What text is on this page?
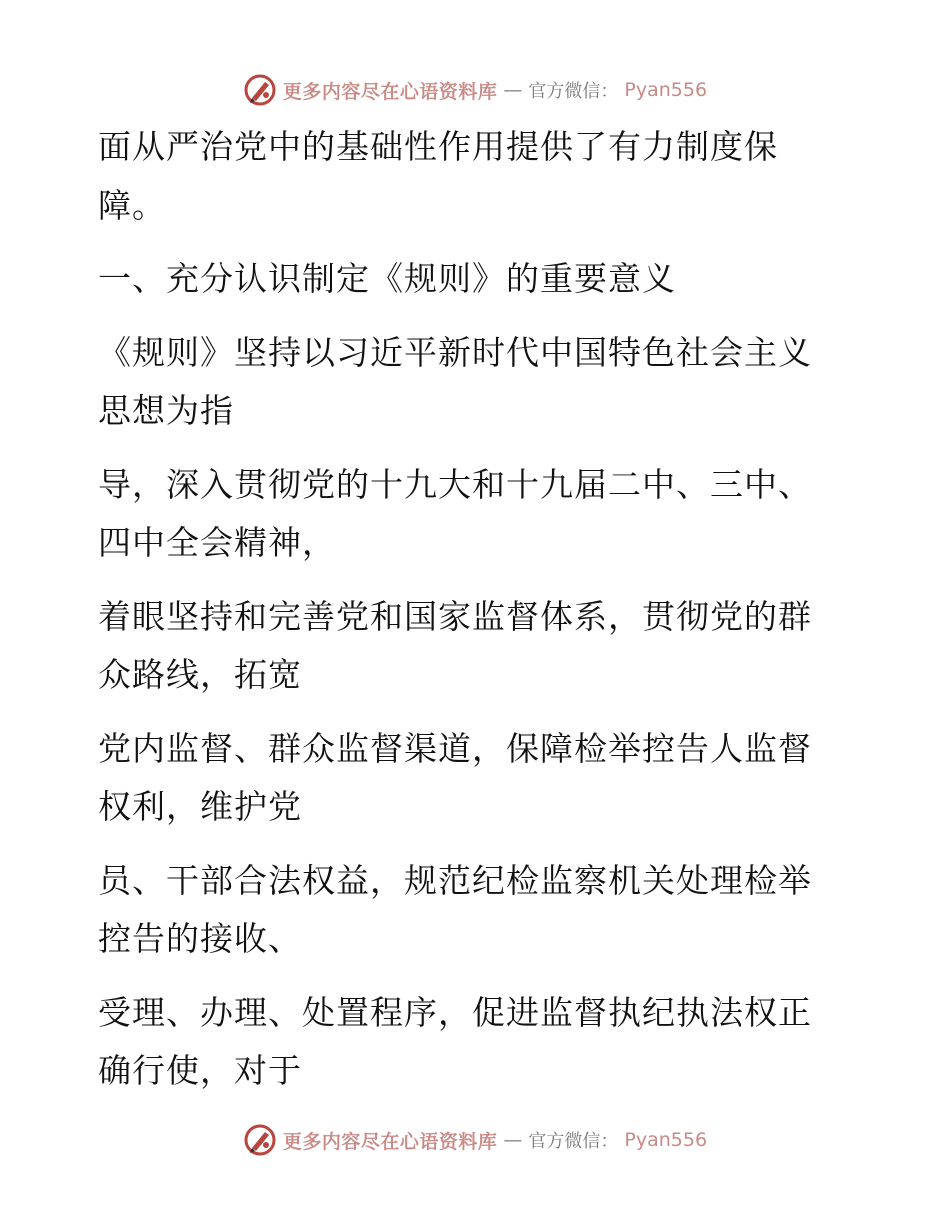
更多内容尽在心语资料库 — 官方微信： Pyan556
面从严治党中的基础性作用提供了有力制度保
障。
一、充分认识制定《规则》的重要意义
《规则》坚持以习近平新时代中国特色社会主义
思想为指
导，深入贯彻党的十九大和十九届二中、三中、
四中全会精神，
着眼坚持和完善党和国家监督体系，贯彻党的群
众路线，拓宽
党内监督、群众监督渠道，保障检举控告人监督
权利，维护党
员、干部合法权益，规范纪检监察机关处理检举
控告的接收、
受理、办理、处置程序，促进监督执纪执法权正
确行使，对于
更多内容尽在心语资料库 — 官方微信： Pyan556
